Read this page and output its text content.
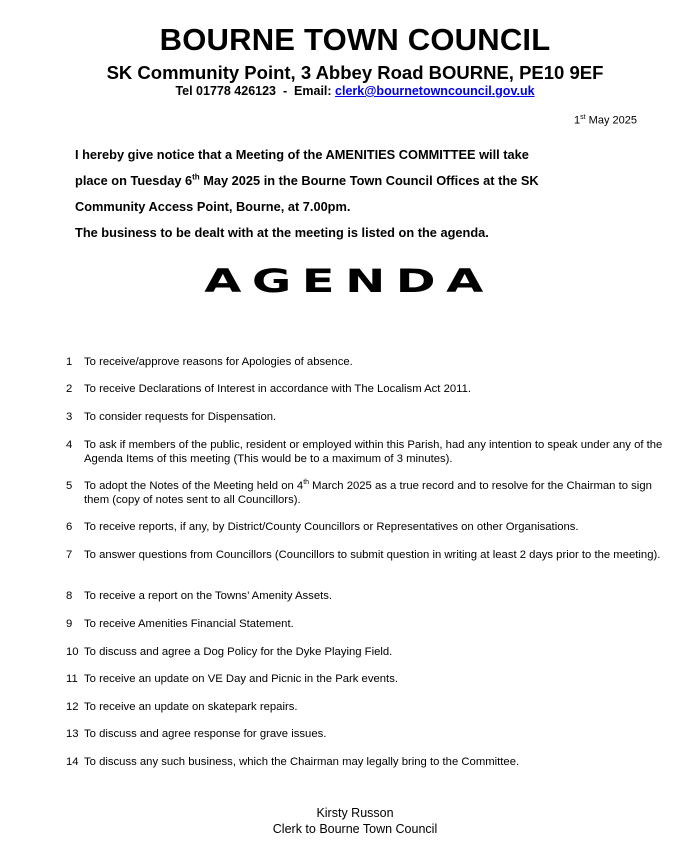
BOURNE TOWN COUNCIL
SK Community Point, 3 Abbey Road BOURNE, PE10 9EF
Tel 01778 426123  -  Email: clerk@bournetowncouncil.gov.uk
1st May 2025

I hereby give notice that a Meeting of the AMENITIES COMMITTEE will take

place on Tuesday 6th May 2025 in the Bourne Town Council Offices at the SK

Community Access Point, Bourne, at 7.00pm.

The business to be dealt with at the meeting is listed on the agenda.

AGENDA
1	To receive/approve reasons for Apologies of absence.
2	To receive Declarations of Interest in accordance with The Localism Act 2011.
3	To consider requests for Dispensation.
4	To ask if members of the public, resident or employed within this Parish, had any intention to speak under any of the Agenda Items of this meeting (This would be to a maximum of 3 minutes).
5	To adopt the Notes of the Meeting held on 4th March 2025 as a true record and to resolve for the Chairman to sign them (copy of notes sent to all Councillors).
6	To receive reports, if any, by District/County Councillors or Representatives on other Organisations.
7	To answer questions from Councillors (Councillors to submit question in writing at least 2 days prior to the meeting).
8	To receive a report on the Towns’ Amenity Assets.
9	To receive Amenities Financial Statement.
10 To discuss and agree a Dog Policy for the Dyke Playing Field.
11 To receive an update on VE Day and Picnic in the Park events.
12 To receive an update on skatepark repairs.
13 To discuss and agree response for grave issues.
14 To discuss any such business, which the Chairman may legally bring to the Committee.
Kirsty Russon
Clerk to Bourne Town Council
